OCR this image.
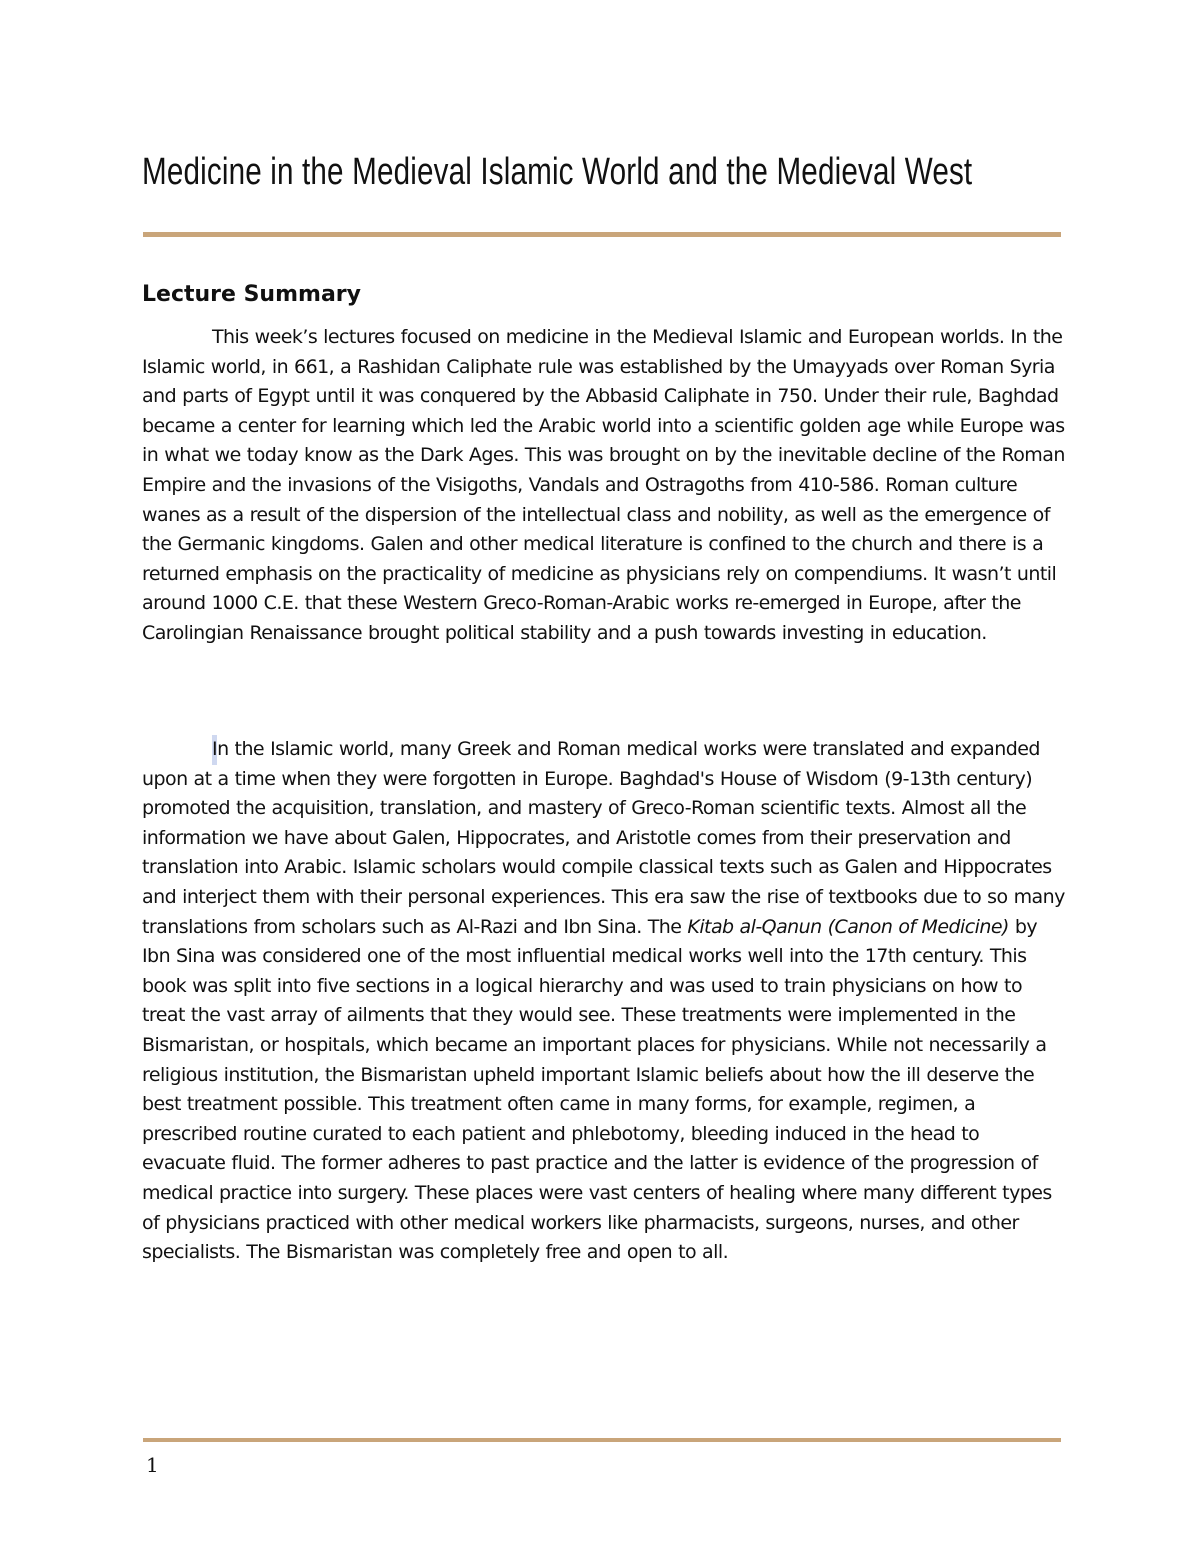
Medicine in the Medieval Islamic World and the Medieval West
Lecture Summary

This week’s lectures focused on medicine in the Medieval Islamic and European worlds. In the Islamic world, in 661, a Rashidan Caliphate rule was established by the Umayyads over Roman Syria and parts of Egypt until it was conquered by the Abbasid Caliphate in 750. Under their rule, Baghdad became a center for learning which led the Arabic world into a scientific golden age while Europe was in what we today know as the Dark Ages. This was brought on by the inevitable decline of the Roman Empire and the invasions of the Visigoths, Vandals and Ostragoths from 410-586. Roman culture wanes as a result of the dispersion of the intellectual class and nobility, as well as the emergence of the Germanic kingdoms. Galen and other medical literature is confined to the church and there is a returned emphasis on the practicality of medicine as physicians rely on compendiums. It wasn’t until around 1000 C.E. that these Western Greco-Roman-Arabic works re-emerged in Europe, after the Carolingian Renaissance brought political stability and a push towards investing in education.

In the Islamic world, many Greek and Roman medical works were translated and expanded upon at a time when they were forgotten in Europe. Baghdad's House of Wisdom (9-13th century) promoted the acquisition, translation, and mastery of Greco-Roman scientific texts. Almost all the information we have about Galen, Hippocrates, and Aristotle comes from their preservation and translation into Arabic. Islamic scholars would compile classical texts such as Galen and Hippocrates and interject them with their personal experiences. This era saw the rise of textbooks due to so many translations from scholars such as Al-Razi and Ibn Sina. The Kitab al-Qanun (Canon of Medicine) by Ibn Sina was considered one of the most influential medical works well into the 17th century. This book was split into five sections in a logical hierarchy and was used to train physicians on how to treat the vast array of ailments that they would see. These treatments were implemented in the Bismaristan, or hospitals, which became an important places for physicians. While not necessarily a religious institution, the Bismaristan upheld important Islamic beliefs about how the ill deserve the best treatment possible. This treatment often came in many forms, for example, regimen, a prescribed routine curated to each patient and phlebotomy, bleeding induced in the head to evacuate fluid. The former adheres to past practice and the latter is evidence of the progression of medical practice into surgery. These places were vast centers of healing where many different types of physicians practiced with other medical workers like pharmacists, surgeons, nurses, and other specialists. The Bismaristan was completely free and open to all.

1
